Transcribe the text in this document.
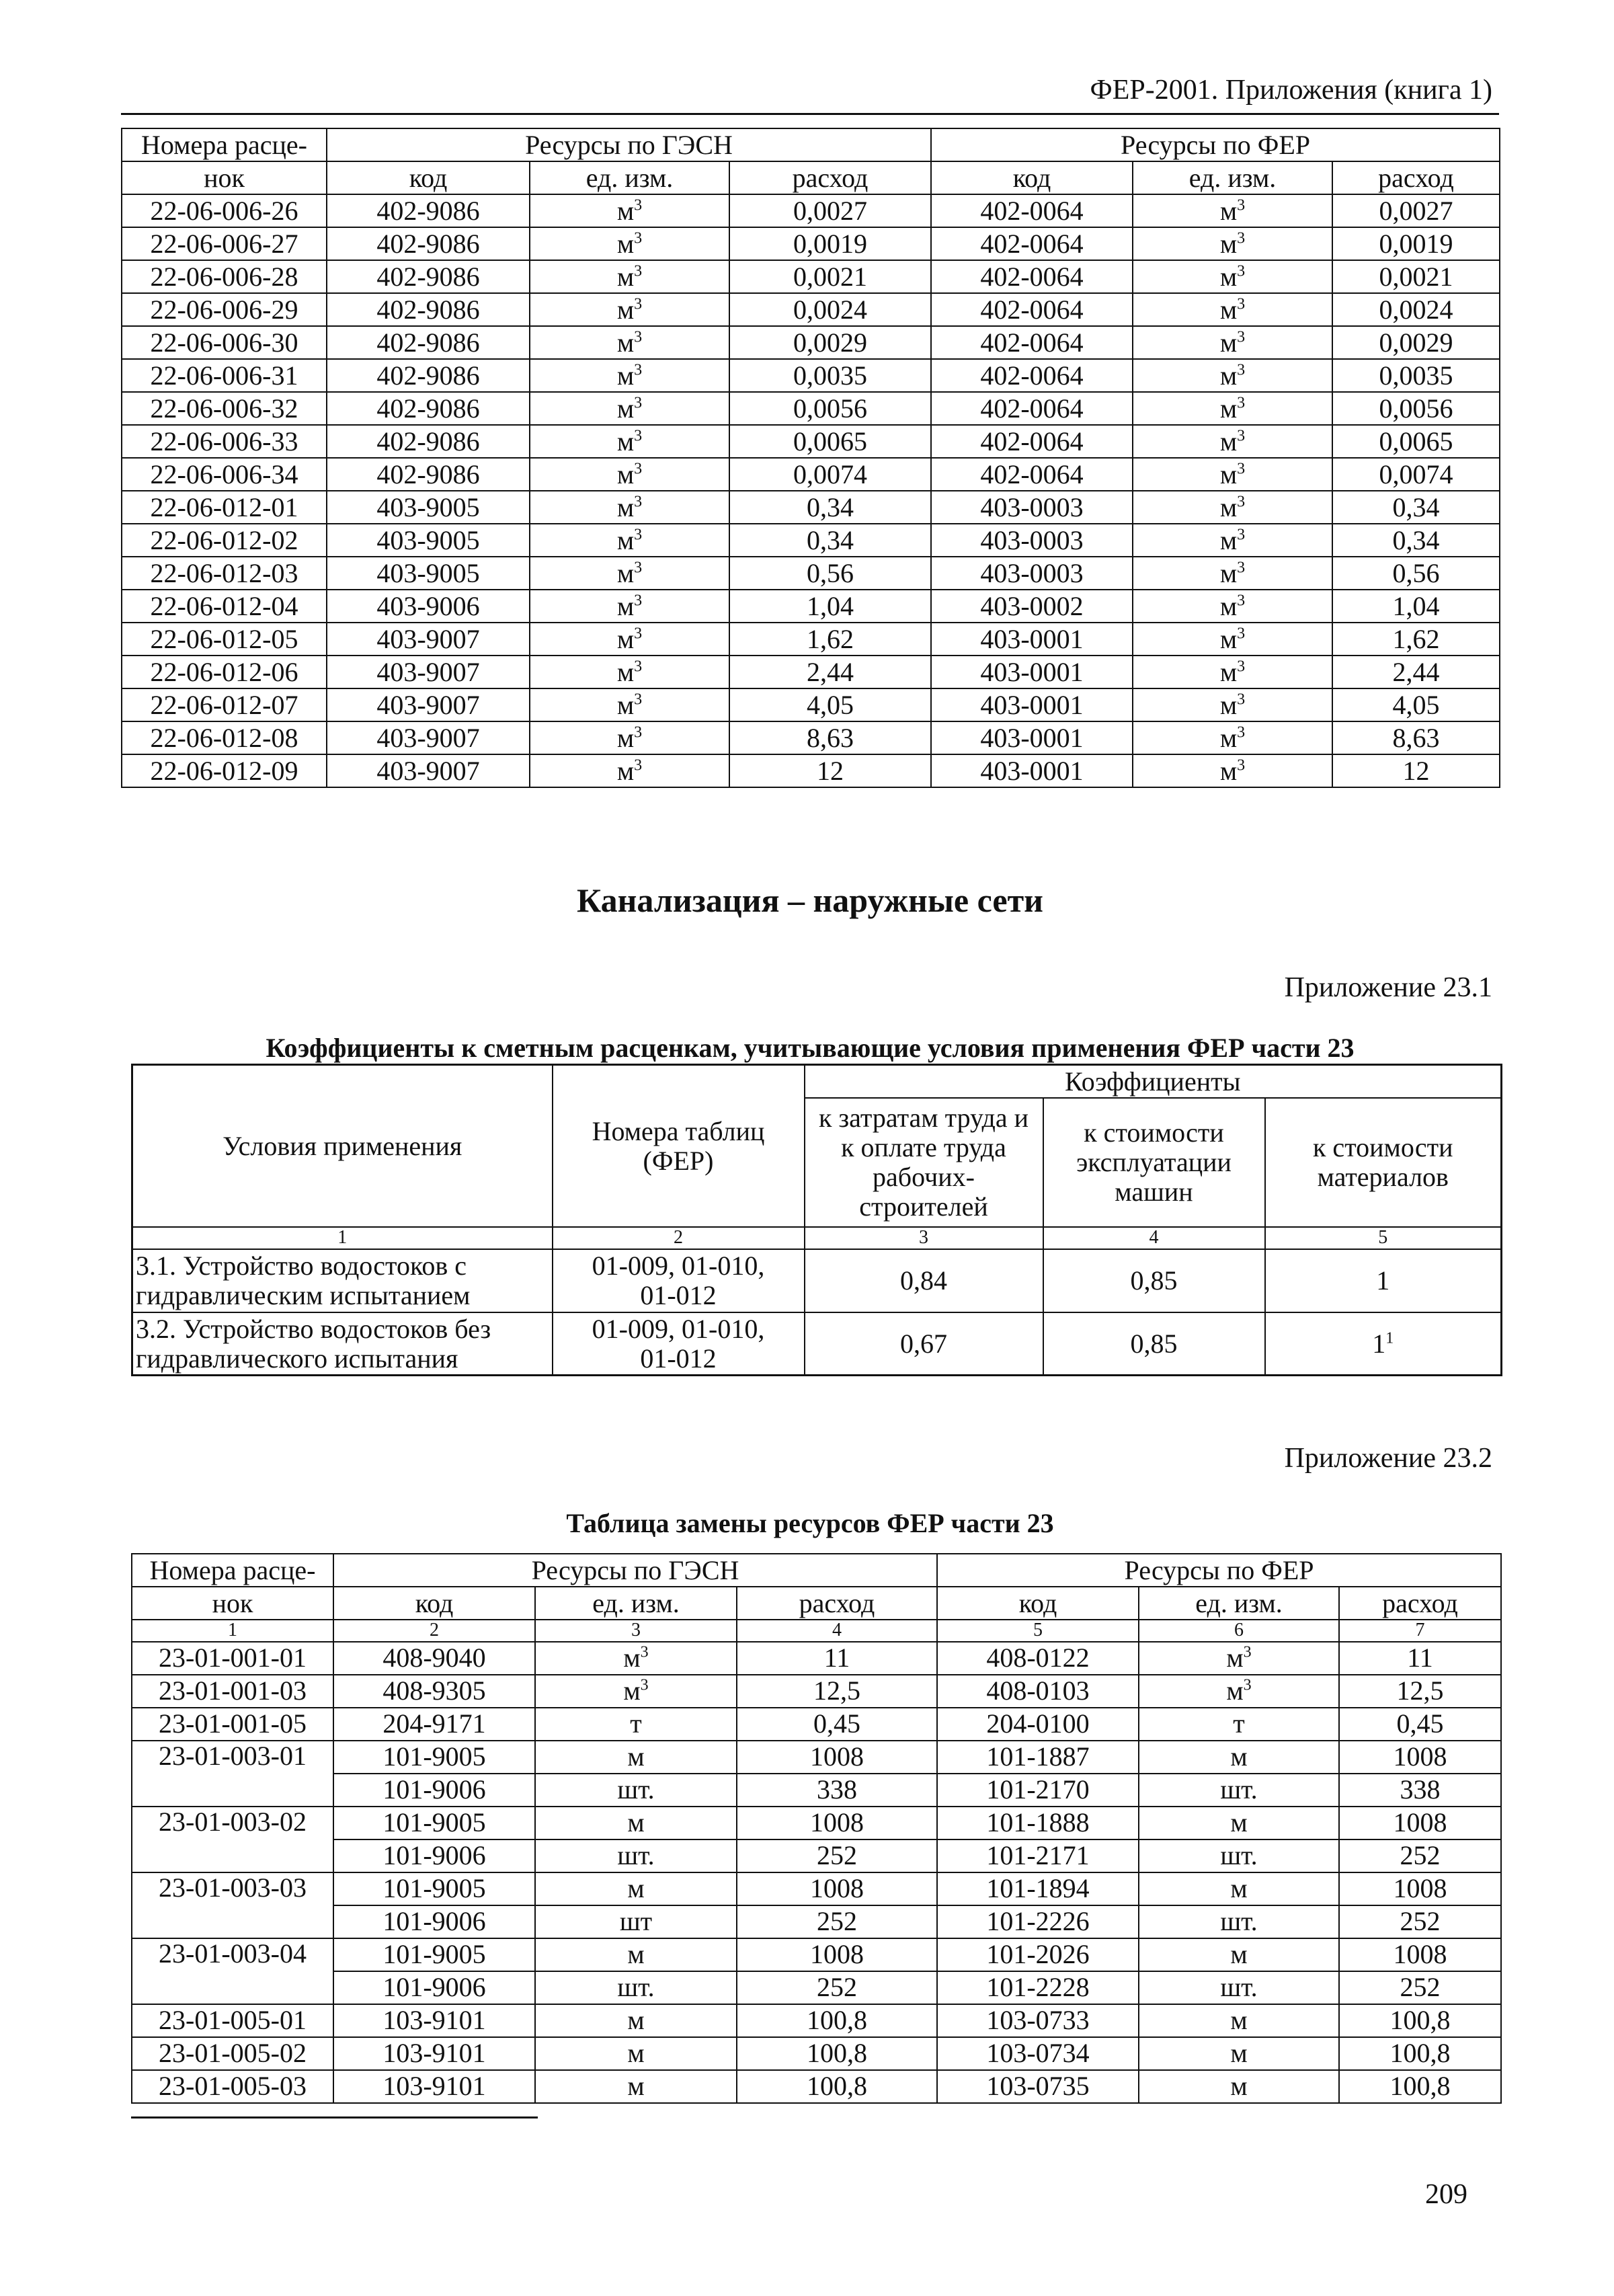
ФЕР-2001. Приложения (книга 1)
Номера расце-	Ресурсы по ГЭСН			Ресурсы по ФЕР		
нок	код	ед. изм.	расход	код	ед. изм.	расход
22-06-006-26	402-9086	$м^3$	0,0027	402-0064	$м^3$	0,0027
22-06-006-27	402-9086	$м^3$	0,0019	402-0064	$м^3$	0,0019
22-06-006-28	402-9086	$м^3$	0,0021	402-0064	$м^3$	0,0021
22-06-006-29	402-9086	$м^3$	0,0024	402-0064	$м^3$	0,0024
22-06-006-30	402-9086	$м^3$	0,0029	402-0064	$м^3$	0,0029
22-06-006-31	402-9086	$м^3$	0,0035	402-0064	$м^3$	0,0035
22-06-006-32	402-9086	$м^3$	0,0056	402-0064	$м^3$	0,0056
22-06-006-33	402-9086	$м^3$	0,0065	402-0064	$м^3$	0,0065
22-06-006-34	402-9086	$м^3$	0,0074	402-0064	$м^3$	0,0074
22-06-012-01	403-9005	$м^3$	0,34	403-0003	$м^3$	0,34
22-06-012-02	403-9005	$м^3$	0,34	403-0003	$м^3$	0,34
22-06-012-03	403-9005	$м^3$	0,56	403-0003	$м^3$	0,56
22-06-012-04	403-9006	$м^3$	1,04	403-0002	$м^3$	1,04
22-06-012-05	403-9007	$м^3$	1,62	403-0001	$м^3$	1,62
22-06-012-06	403-9007	$м^3$	2,44	403-0001	$м^3$	2,44
22-06-012-07	403-9007	$м^3$	4,05	403-0001	$м^3$	4,05
22-06-012-08	403-9007	$м^3$	8,63	403-0001	$м^3$	8,63
22-06-012-09	403-9007	$м^3$	12	403-0001	$м^3$	12
Канализация – наружные сети
Приложение 23.1
Коэффициенты к сметным расценкам, учитывающие условия применения ФЕР части 23
Условия применения	Номера таблиц (ФЕР)	Коэффициенты		
		к затратам труда и к оплате труда рабочих-строителей	к стоимости эксплуатации машин	к стоимости материалов
1	2	3	4	5
3.1. Устройство водостоков с гидравлическим испытанием	01-009, 01-010, 01-012	0,84	0,85	1
3.2. Устройство водостоков без гидравлического испытания	01-009, 01-010, 01-012	0,67	0,85	$1^1$
Приложение 23.2
Таблица замены ресурсов ФЕР части 23
Номера расце-	Ресурсы по ГЭСН			Ресурсы по ФЕР		
нок	код	ед. изм.	расход	код	ед. изм.	расход
1	2	3	4	5	6	7
23-01-001-01	408-9040	$м^3$	11	408-0122	$м^3$	11
23-01-001-03	408-9305	$м^3$	12,5	408-0103	$м^3$	12,5
23-01-001-05	204-9171	т	0,45	204-0100	т	0,45
23-01-003-01	101-9005	м	1008	101-1887	м	1008
	101-9006	шт.	338	101-2170	шт.	338
23-01-003-02	101-9005	м	1008	101-1888	м	1008
	101-9006	шт.	252	101-2171	шт.	252
23-01-003-03	101-9005	м	1008	101-1894	м	1008
	101-9006	шт	252	101-2226	шт.	252
23-01-003-04	101-9005	м	1008	101-2026	м	1008
	101-9006	шт.	252	101-2228	шт.	252
23-01-005-01	103-9101	м	100,8	103-0733	м	100,8
23-01-005-02	103-9101	м	100,8	103-0734	м	100,8
23-01-005-03	103-9101	м	100,8	103-0735	м	100,8
209
